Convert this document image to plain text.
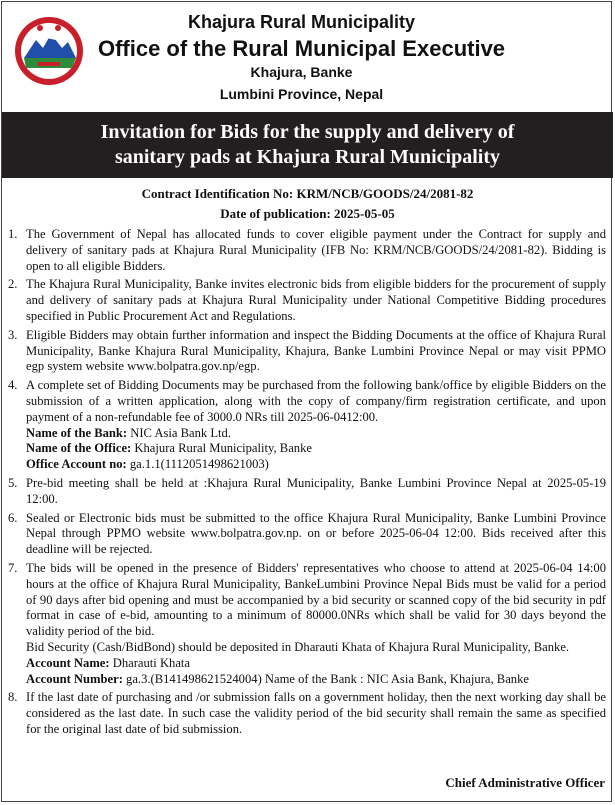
Khajura Rural Municipality
Office of the Rural Municipal Executive
Khajura, Banke
Lumbini Province, Nepal
Invitation for Bids for the supply and delivery of
sanitary pads at Khajura Rural Municipality
Contract Identification No: KRM/NCB/GOODS/24/2081-82
Date of publication: 2025-05-05
1. The Government of Nepal has allocated funds to cover eligible payment under the Contract for supply and delivery of sanitary pads at Khajura Rural Municipality (IFB No: KRM/NCB/GOODS/24/2081-82). Bidding is open to all eligible Bidders.
2. The Khajura Rural Municipality, Banke invites electronic bids from eligible bidders for the procurement of supply and delivery of sanitary pads at Khajura Rural Municipality under National Competitive Bidding procedures specified in Public Procurement Act and Regulations.
3. Eligible Bidders may obtain further information and inspect the Bidding Documents at the office of Khajura Rural Municipality, Banke Khajura Rural Municipality, Khajura, Banke Lumbini Province Nepal or may visit PPMO egp system website www.bolpatra.gov.np/egp.
4. A complete set of Bidding Documents may be purchased from the following bank/office by eligible Bidders on the submission of a written application, along with the copy of company/firm registration certificate, and upon payment of a non-refundable fee of 3000.0 NRs till 2025-06-0412:00.
Name of the Bank: NIC Asia Bank Ltd.
Name of the Office: Khajura Rural Municipality, Banke
Office Account no: ga.1.1(1112051498621003)
5. Pre-bid meeting shall be held at :Khajura Rural Municipality, Banke Lumbini Province Nepal at 2025-05-19 12:00.
6. Sealed or Electronic bids must be submitted to the office Khajura Rural Municipality, Banke Lumbini Province Nepal through PPMO website www.bolpatra.gov.np. on or before 2025-06-04 12:00. Bids received after this deadline will be rejected.
7. The bids will be opened in the presence of Bidders' representatives who choose to attend at 2025-06-04 14:00 hours at the office of Khajura Rural Municipality, BankeLumbini Province Nepal Bids must be valid for a period of 90 days after bid opening and must be accompanied by a bid security or scanned copy of the bid security in pdf format in case of e-bid, amounting to a minimum of 80000.0NRs which shall be valid for 30 days beyond the validity period of the bid.
Bid Security (Cash/BidBond) should be deposited in Dharauti Khata of Khajura Rural Municipality, Banke.
Account Name: Dharauti Khata
Account Number: ga.3.(B141498621524004) Name of the Bank : NIC Asia Bank, Khajura, Banke
8. If the last date of purchasing and /or submission falls on a government holiday, then the next working day shall be considered as the last date. In such case the validity period of the bid security shall remain the same as specified for the original last date of bid submission.
Chief Administrative Officer
